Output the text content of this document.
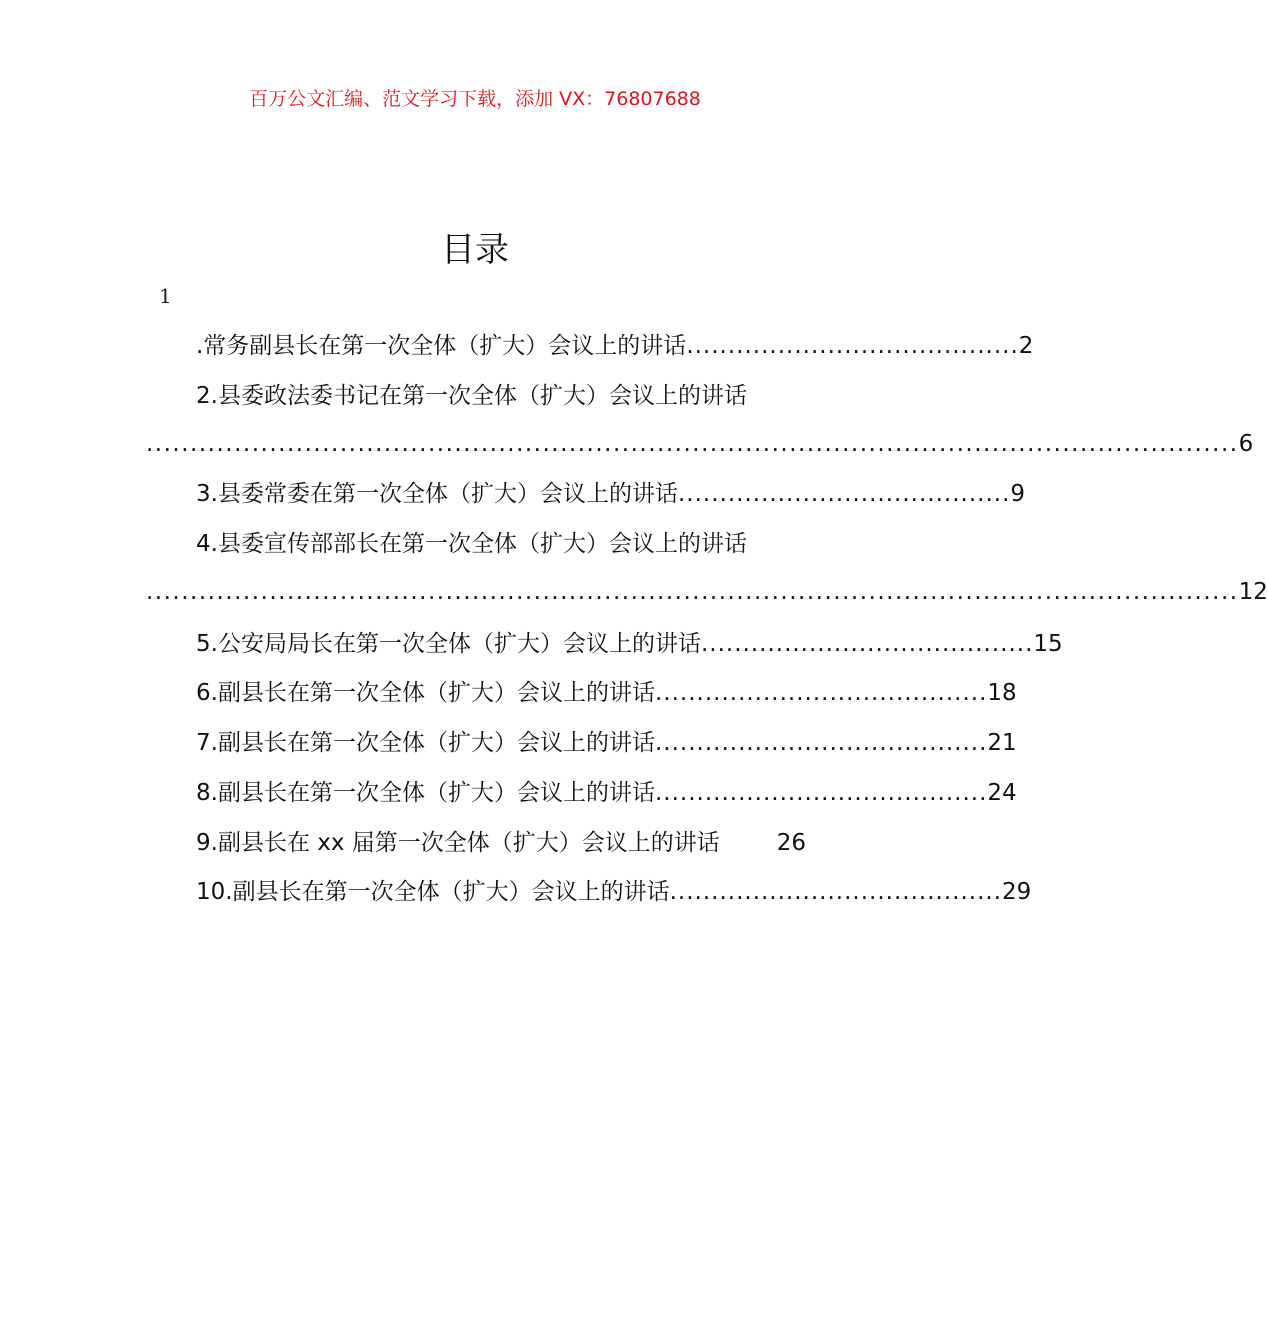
百万公文汇编、范文学习下载，添加 VX：76807688
目录
1
.常务副县长在第一次全体（扩大）会议上的讲话 ........................................ 2
2.县委政法委书记在第一次全体（扩大）会议上的讲话
............................................................................................................................ 6
3.县委常委在第一次全体（扩大）会议上的讲话 ........................................ 9
4.县委宣传部部长在第一次全体（扩大）会议上的讲话
............................................................................................................................ 12
5.公安局局长在第一次全体（扩大）会议上的讲话 ........................................ 15
6.副县长在第一次全体（扩大）会议上的讲话 ........................................ 18
7.副县长在第一次全体（扩大）会议上的讲话 ........................................ 21
8.副县长在第一次全体（扩大）会议上的讲话 ........................................ 24
9.副县长在 xx 届第一次全体（扩大）会议上的讲话 26
10.副县长在第一次全体（扩大）会议上的讲话 ........................................ 29
